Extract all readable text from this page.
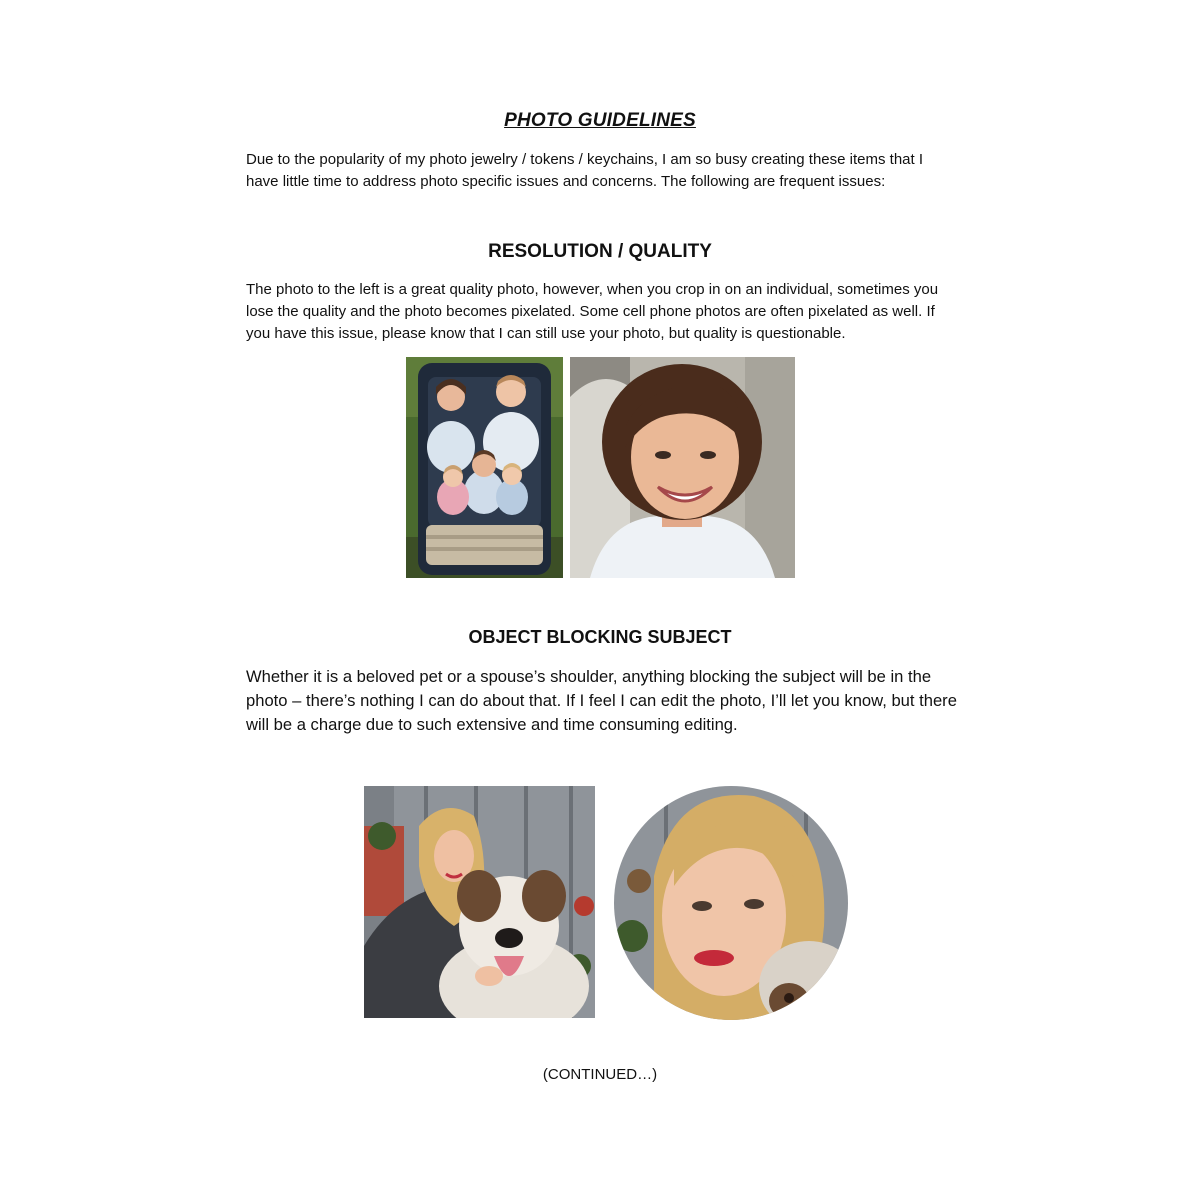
PHOTO GUIDELINES

Due to the popularity of my photo jewelry / tokens / keychains, I am so busy creating these items that I have little time to address photo specific issues and concerns. The following are frequent issues:

RESOLUTION / QUALITY

The photo to the left is a great quality photo, however, when you crop in on an individual, sometimes you lose the quality and the photo becomes pixelated. Some cell phone photos are often pixelated as well. If you have this issue, please know that I can still use your photo, but quality is questionable.

OBJECT BLOCKING SUBJECT

Whether it is a beloved pet or a spouse’s shoulder, anything blocking the subject will be in the photo – there’s nothing I can do about that. If I feel I can edit the photo, I’ll let you know, but there will be a charge due to such extensive and time consuming editing.

(CONTINUED…)
